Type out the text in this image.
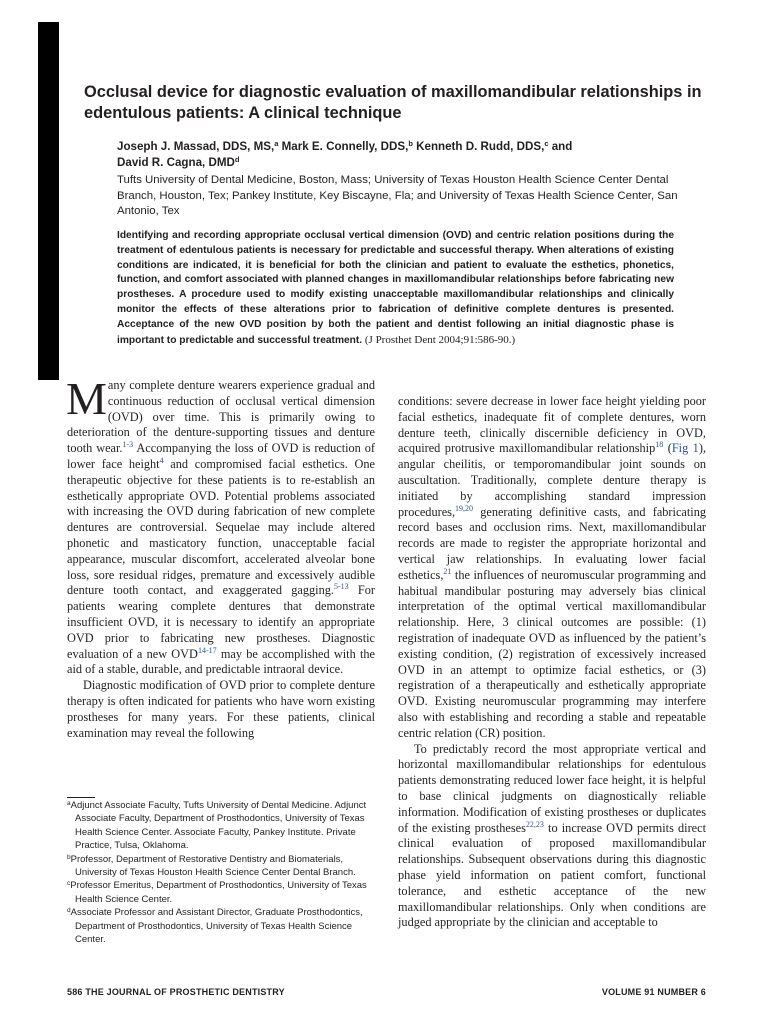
Occlusal device for diagnostic evaluation of maxillomandibular relationships in edentulous patients: A clinical technique
Joseph J. Massad, DDS, MS,$^a$ Mark E. Connelly, DDS,$^b$ Kenneth D. Rudd, DDS,$^c$ and
David R. Cagna, DMD$^d$

Tufts University of Dental Medicine, Boston, Mass; University of Texas Houston Health Science Center Dental Branch, Houston, Tex; Pankey Institute, Key Biscayne, Fla; and University of Texas Health Science Center, San Antonio, Tex

Identifying and recording appropriate occlusal vertical dimension (OVD) and centric relation positions during the treatment of edentulous patients is necessary for predictable and successful therapy. When alterations of existing conditions are indicated, it is beneficial for both the clinician and patient to evaluate the esthetics, phonetics, function, and comfort associated with planned changes in maxillomandibular relationships before fabricating new prostheses. A procedure used to modify existing unacceptable maxillomandibular relationships and clinically monitor the effects of these alterations prior to fabrication of definitive complete dentures is presented. Acceptance of the new OVD position by both the patient and dentist following an initial diagnostic phase is important to predictable and successful treatment. (J Prosthet Dent 2004;91:586-90.)

Many complete denture wearers experience gradual and continuous reduction of occlusal vertical dimension (OVD) over time. This is primarily owing to deterioration of the denture-supporting tissues and denture tooth wear.$^{1-3}$ Accompanying the loss of OVD is reduction of lower face height$^4$ and compromised facial esthetics. One therapeutic objective for these patients is to re-establish an esthetically appropriate OVD. Potential problems associated with increasing the OVD during fabrication of new complete dentures are controversial. Sequelae may include altered phonetic and masticatory function, unacceptable facial appearance, muscular discomfort, accelerated alveolar bone loss, sore residual ridges, premature and excessively audible denture tooth contact, and exaggerated gagging.$^{5-13}$ For patients wearing complete dentures that demonstrate insufficient OVD, it is necessary to identify an appropriate OVD prior to fabricating new prostheses. Diagnostic evaluation of a new OVD$^{14-17}$ may be accomplished with the aid of a stable, durable, and predictable intraoral device.

Diagnostic modification of OVD prior to complete denture therapy is often indicated for patients who have worn existing prostheses for many years. For these patients, clinical examination may reveal the following

conditions: severe decrease in lower face height yielding poor facial esthetics, inadequate fit of complete dentures, worn denture teeth, clinically discernible deficiency in OVD, acquired protrusive maxillomandibular relationship$^{18}$ (Fig 1), angular cheilitis, or temporomandibular joint sounds on auscultation. Traditionally, complete denture therapy is initiated by accomplishing standard impression procedures,$^{19,20}$ generating definitive casts, and fabricating record bases and occlusion rims. Next, maxillomandibular records are made to register the appropriate horizontal and vertical jaw relationships. In evaluating lower facial esthetics,$^{21}$ the influences of neuromuscular programming and habitual mandibular posturing may adversely bias clinical interpretation of the optimal vertical maxillomandibular relationship. Here, 3 clinical outcomes are possible: (1) registration of inadequate OVD as influenced by the patient’s existing condition, (2) registration of excessively increased OVD in an attempt to optimize facial esthetics, or (3) registration of a therapeutically and esthetically appropriate OVD. Existing neuromuscular programming may interfere also with establishing and recording a stable and repeatable centric relation (CR) position.

To predictably record the most appropriate vertical and horizontal maxillomandibular relationships for edentulous patients demonstrating reduced lower face height, it is helpful to base clinical judgments on diagnostically reliable information. Modification of existing prostheses or duplicates of the existing prostheses$^{22,23}$ to increase OVD permits direct clinical evaluation of proposed maxillomandibular relationships. Subsequent observations during this diagnostic phase yield information on patient comfort, functional tolerance, and esthetic acceptance of the new maxillomandibular relationships. Only when conditions are judged appropriate by the clinician and acceptable to

$^a$Adjunct Associate Faculty, Tufts University of Dental Medicine. Adjunct Associate Faculty, Department of Prosthodontics, University of Texas Health Science Center. Associate Faculty, Pankey Institute. Private Practice, Tulsa, Oklahoma.

$^b$Professor, Department of Restorative Dentistry and Biomaterials, University of Texas Houston Health Science Center Dental Branch.

$^c$Professor Emeritus, Department of Prosthodontics, University of Texas Health Science Center.

$^d$Associate Professor and Assistant Director, Graduate Prosthodontics, Department of Prosthodontics, University of Texas Health Science Center.

586 THE JOURNAL OF PROSTHETIC DENTISTRY	VOLUME 91 NUMBER 6
